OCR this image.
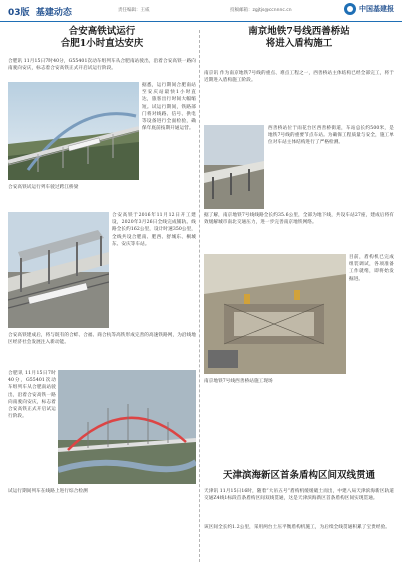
03版 基建动态	责任编辑：王威	投稿邮箱：zgjtjs@ccnnnc.cn	中国基建报
合安高铁试运行
合肥1小时直达安庆
合肥讯 11月15日7时40分，G55401次动车组列车从合肥南站驶出，沿着合安高铁一路向南驶向安庆，标志着合安高铁正式开启试运行阶段。
据悉，运行期间合肥南站至安庆站最快1小时直达，旅客出行时间大幅缩短。试运行期间，铁路部门将对线路、信号、供电等设备进行全面检验，确保年底前按期开通运营。
合安高铁试运行列车驶过跨江桥梁
合安高铁于2016年11月12日开工建设，2020年3月26日全线完成铺轨。线路全长约162公里，设计时速350公里，全线共设合肥南、肥西、舒城东、桐城东、安庆等车站。
合安高铁建成后，将与既有的合蚌、合福、商合杭等高铁形成完善的高速铁路网，为沿线地区经济社会发展注入新动能。
合肥讯 11月15日7时40分，G55401次动车组列车从合肥南站驶出，沿着合安高铁一路向南驶向安庆，标志着合安高铁正式开启试运行阶段。
试运行期间列车在线路上进行综合检测
南京地铁7号线西善桥站
将进入盾构施工
南京讯 作为南京地铁7号线的重点、难点工程之一，西善桥站主体结构已经全部完工，将于近期进入盾构施工阶段。
西善桥站位于雨花台区西善桥街道，车站总长约500米，是地铁7号线的重要节点车站。为确保工程质量与安全，施工单位对车站主体结构进行了严格检测。
据了解，南京地铁7号线线路全长约35.6公里，全部为地下线，共设车站27座，建成后将有效缓解城市南北交通压力，进一步完善南京地铁网络。
目前，盾构机已完成组装调试，各项准备工作就绪，即将始发掘进。
南京地铁7号线西善桥站施工现场
天津滨海新区首条盾构区间双线贯通
天津讯 11月15日16时，随着“大吊五号”盾构机缓缓破土而出，中建八局天津滨海新区轨道交通Z4线1标段首条盾构区间双线贯通，这是天津滨海新区首条盾构区间实现贯通。
该区间全长约1.2公里，采用两台土压平衡盾构机施工，为后续全线贯通积累了宝贵经验。
